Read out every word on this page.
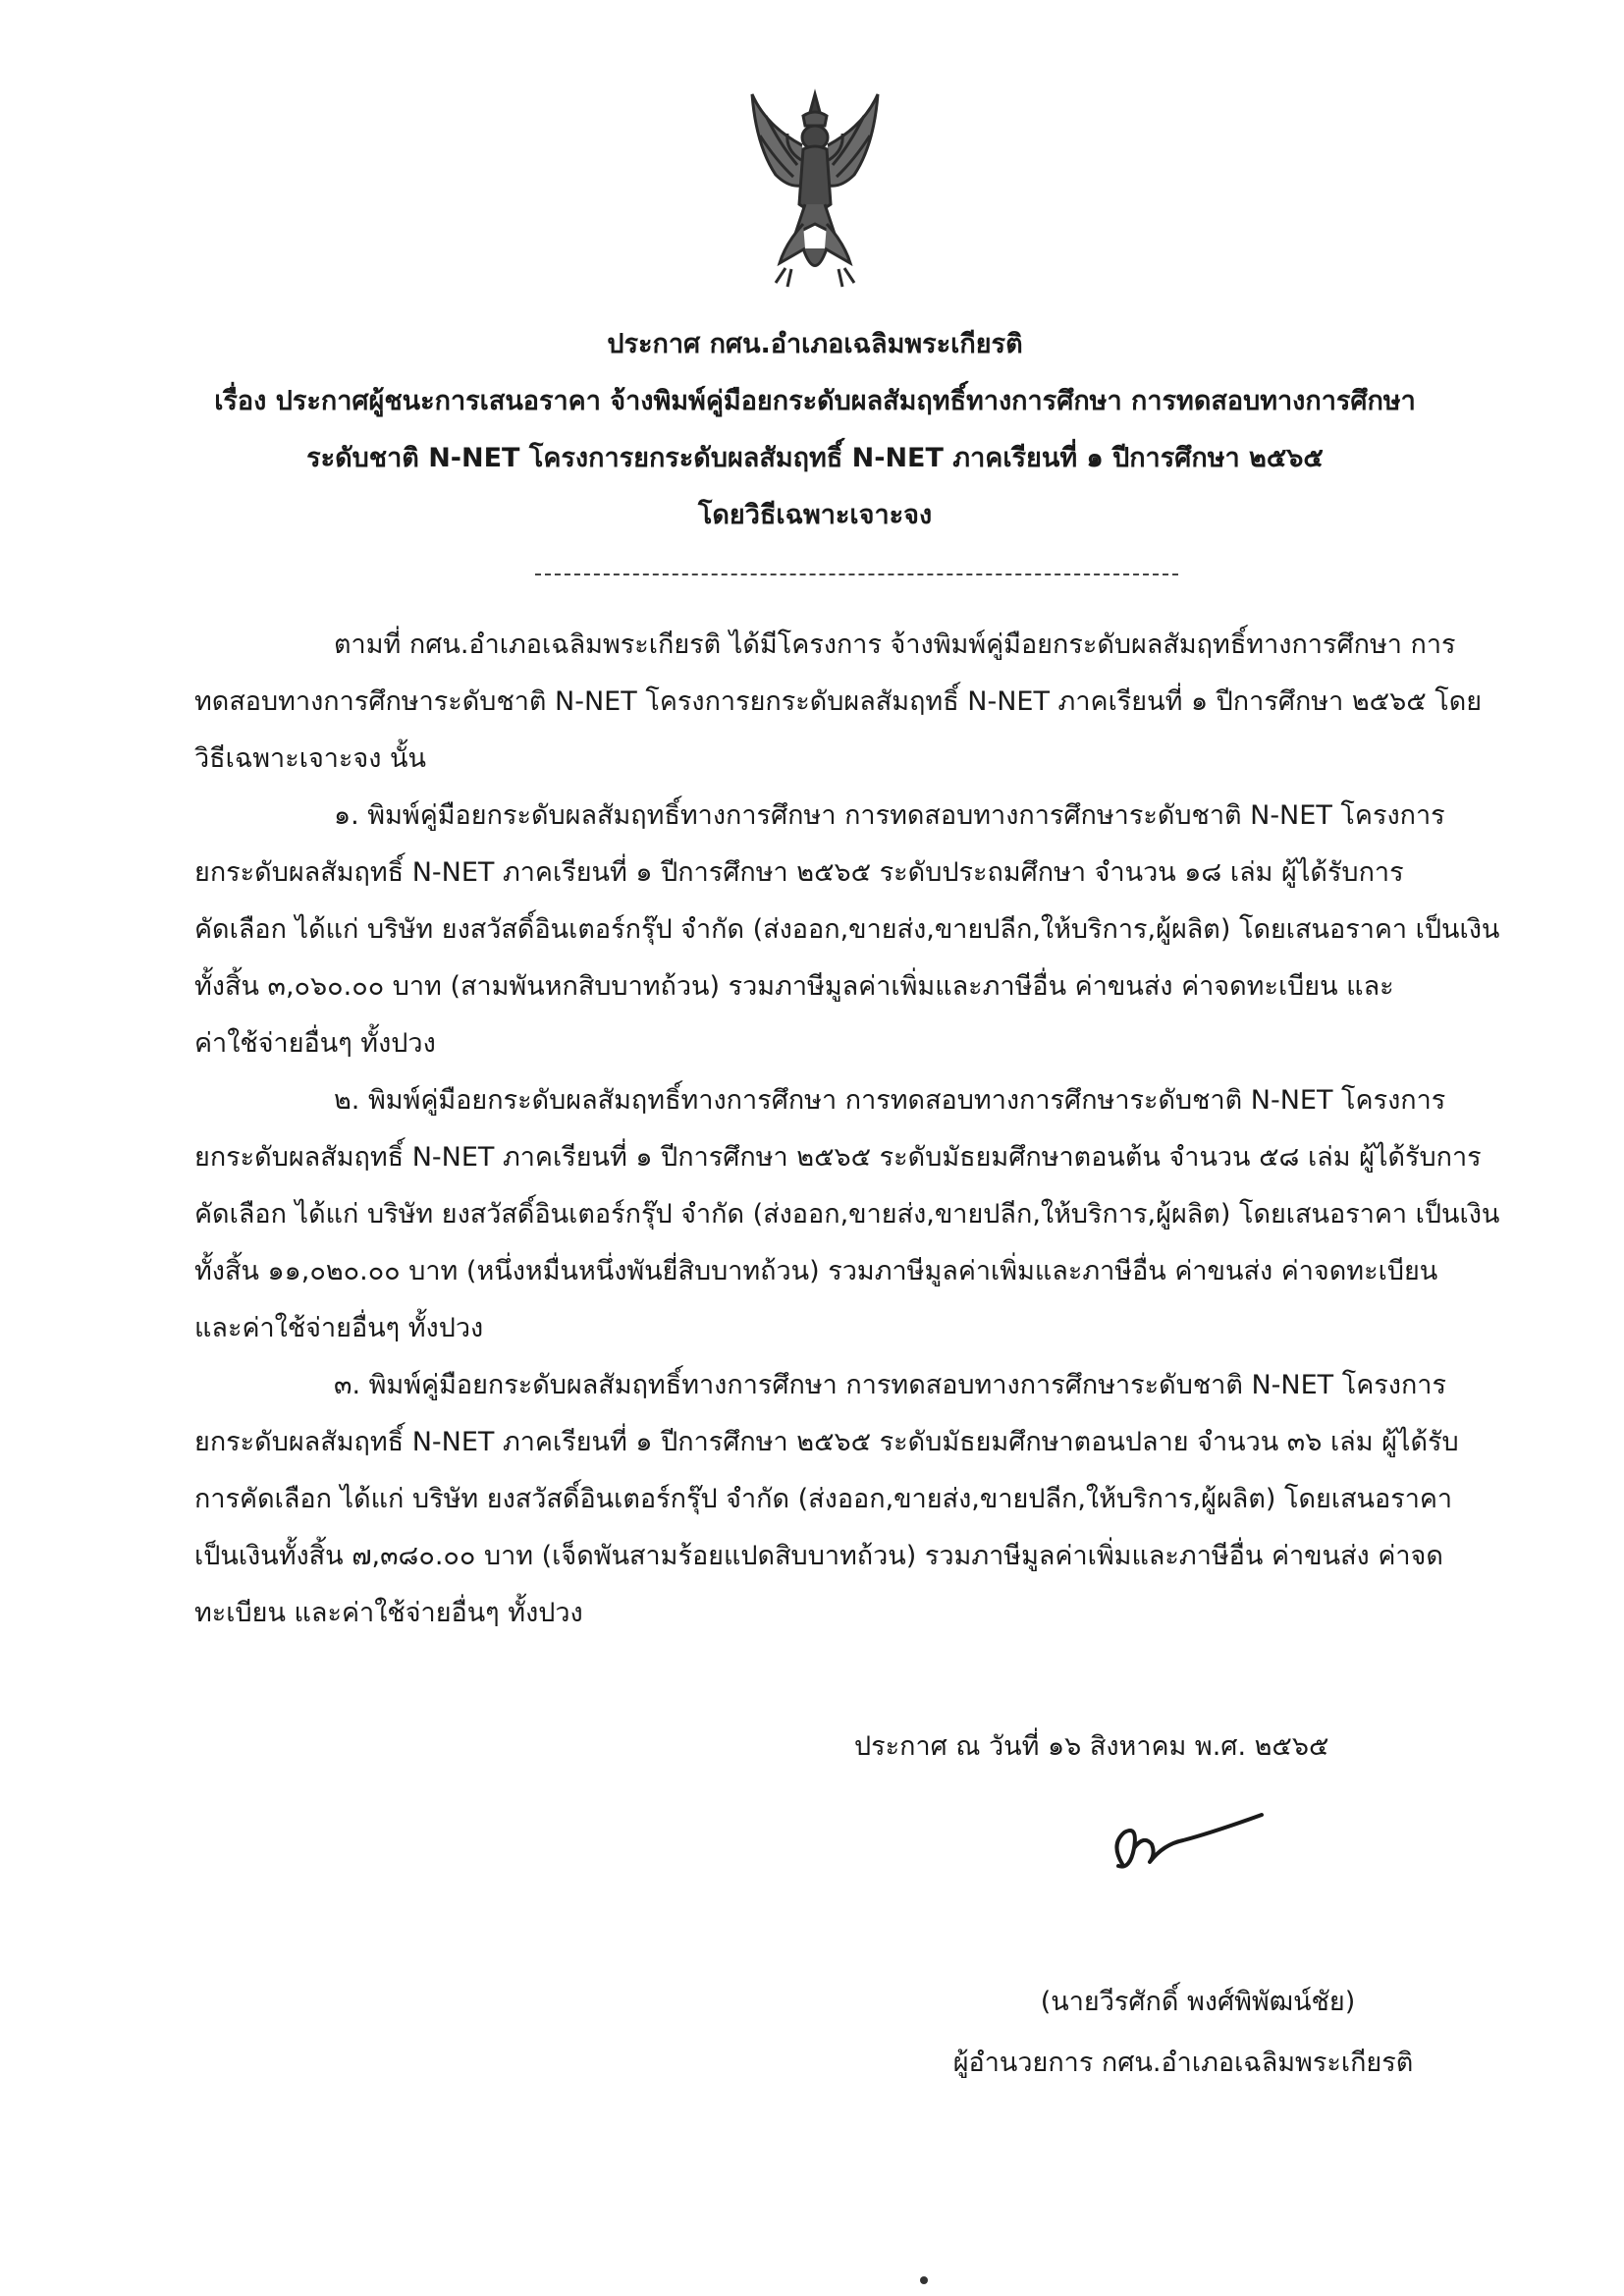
ประกาศ กศน.อำเภอเฉลิมพระเกียรติ
เรื่อง ประกาศผู้ชนะการเสนอราคา จ้างพิมพ์คู่มือยกระดับผลสัมฤทธิ์ทางการศึกษา การทดสอบทางการศึกษา
ระดับชาติ N-NET โครงการยกระดับผลสัมฤทธิ์ N-NET ภาคเรียนที่ ๑ ปีการศึกษา ๒๕๖๕
โดยวิธีเฉพาะเจาะจง
ตามที่ กศน.อำเภอเฉลิมพระเกียรติ ได้มีโครงการ จ้างพิมพ์คู่มือยกระดับผลสัมฤทธิ์ทางการศึกษา การ
ทดสอบทางการศึกษาระดับชาติ N-NET โครงการยกระดับผลสัมฤทธิ์ N-NET ภาคเรียนที่ ๑ ปีการศึกษา ๒๕๖๕ โดย
วิธีเฉพาะเจาะจง นั้น
๑. พิมพ์คู่มือยกระดับผลสัมฤทธิ์ทางการศึกษา การทดสอบทางการศึกษาระดับชาติ N-NET โครงการ
ยกระดับผลสัมฤทธิ์ N-NET ภาคเรียนที่ ๑ ปีการศึกษา ๒๕๖๕ ระดับประถมศึกษา จำนวน ๑๘ เล่ม ผู้ได้รับการ
คัดเลือก ได้แก่ บริษัท ยงสวัสดิ์อินเตอร์กรุ๊ป จำกัด (ส่งออก,ขายส่ง,ขายปลีก,ให้บริการ,ผู้ผลิต) โดยเสนอราคา เป็นเงิน
ทั้งสิ้น ๓,๐๖๐.๐๐ บาท (สามพันหกสิบบาทถ้วน) รวมภาษีมูลค่าเพิ่มและภาษีอื่น ค่าขนส่ง ค่าจดทะเบียน และ
ค่าใช้จ่ายอื่นๆ ทั้งปวง
๒. พิมพ์คู่มือยกระดับผลสัมฤทธิ์ทางการศึกษา การทดสอบทางการศึกษาระดับชาติ N-NET โครงการ
ยกระดับผลสัมฤทธิ์ N-NET ภาคเรียนที่ ๑ ปีการศึกษา ๒๕๖๕ ระดับมัธยมศึกษาตอนต้น จำนวน ๕๘ เล่ม ผู้ได้รับการ
คัดเลือก ได้แก่ บริษัท ยงสวัสดิ์อินเตอร์กรุ๊ป จำกัด (ส่งออก,ขายส่ง,ขายปลีก,ให้บริการ,ผู้ผลิต) โดยเสนอราคา เป็นเงิน
ทั้งสิ้น ๑๑,๐๒๐.๐๐ บาท (หนึ่งหมื่นหนึ่งพันยี่สิบบาทถ้วน) รวมภาษีมูลค่าเพิ่มและภาษีอื่น ค่าขนส่ง ค่าจดทะเบียน
และค่าใช้จ่ายอื่นๆ ทั้งปวง
๓. พิมพ์คู่มือยกระดับผลสัมฤทธิ์ทางการศึกษา การทดสอบทางการศึกษาระดับชาติ N-NET โครงการ
ยกระดับผลสัมฤทธิ์ N-NET ภาคเรียนที่ ๑ ปีการศึกษา ๒๕๖๕ ระดับมัธยมศึกษาตอนปลาย จำนวน ๓๖ เล่ม ผู้ได้รับ
การคัดเลือก ได้แก่ บริษัท ยงสวัสดิ์อินเตอร์กรุ๊ป จำกัด (ส่งออก,ขายส่ง,ขายปลีก,ให้บริการ,ผู้ผลิต) โดยเสนอราคา
เป็นเงินทั้งสิ้น ๗,๓๘๐.๐๐ บาท (เจ็ดพันสามร้อยแปดสิบบาทถ้วน) รวมภาษีมูลค่าเพิ่มและภาษีอื่น ค่าขนส่ง ค่าจด
ทะเบียน และค่าใช้จ่ายอื่นๆ ทั้งปวง
ประกาศ ณ วันที่ ๑๖ สิงหาคม พ.ศ. ๒๕๖๕
(นายวีรศักดิ์ พงศ์พิพัฒน์ชัย)
ผู้อำนวยการ กศน.อำเภอเฉลิมพระเกียรติ
